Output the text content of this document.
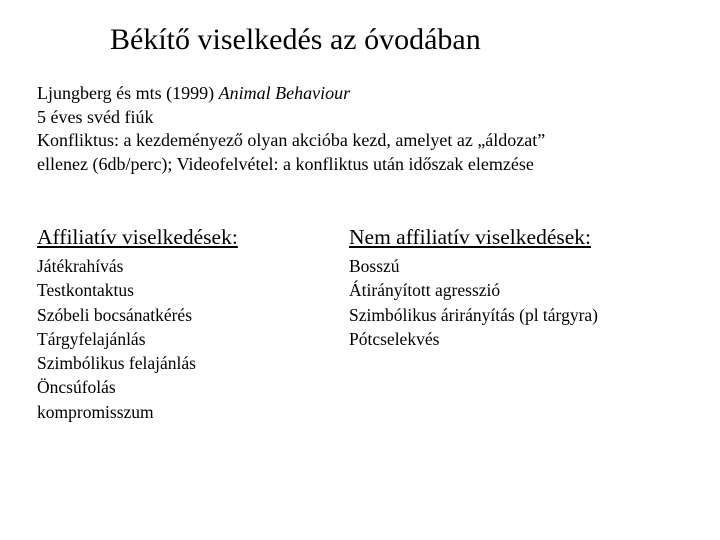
Békítő viselkedés az óvodában
Ljungberg és mts (1999) Animal Behaviour
5 éves svéd fiúk
Konfliktus: a kezdeményező olyan akcióba kezd, amelyet az „áldozat”
ellenez (6db/perc); Videofelvétel: a konfliktus után időszak elemzése
Affiliatív viselkedések:
Játékrahívás
Testkontaktus
Szóbeli bocsánatkérés
Tárgyfelajánlás
Szimbólikus felajánlás
Öncsúfolás
kompromisszum
Nem affiliatív viselkedések:
Bosszú
Átirányított agresszió
Szimbólikus árirányítás (pl tárgyra)
Pótcselekvés
